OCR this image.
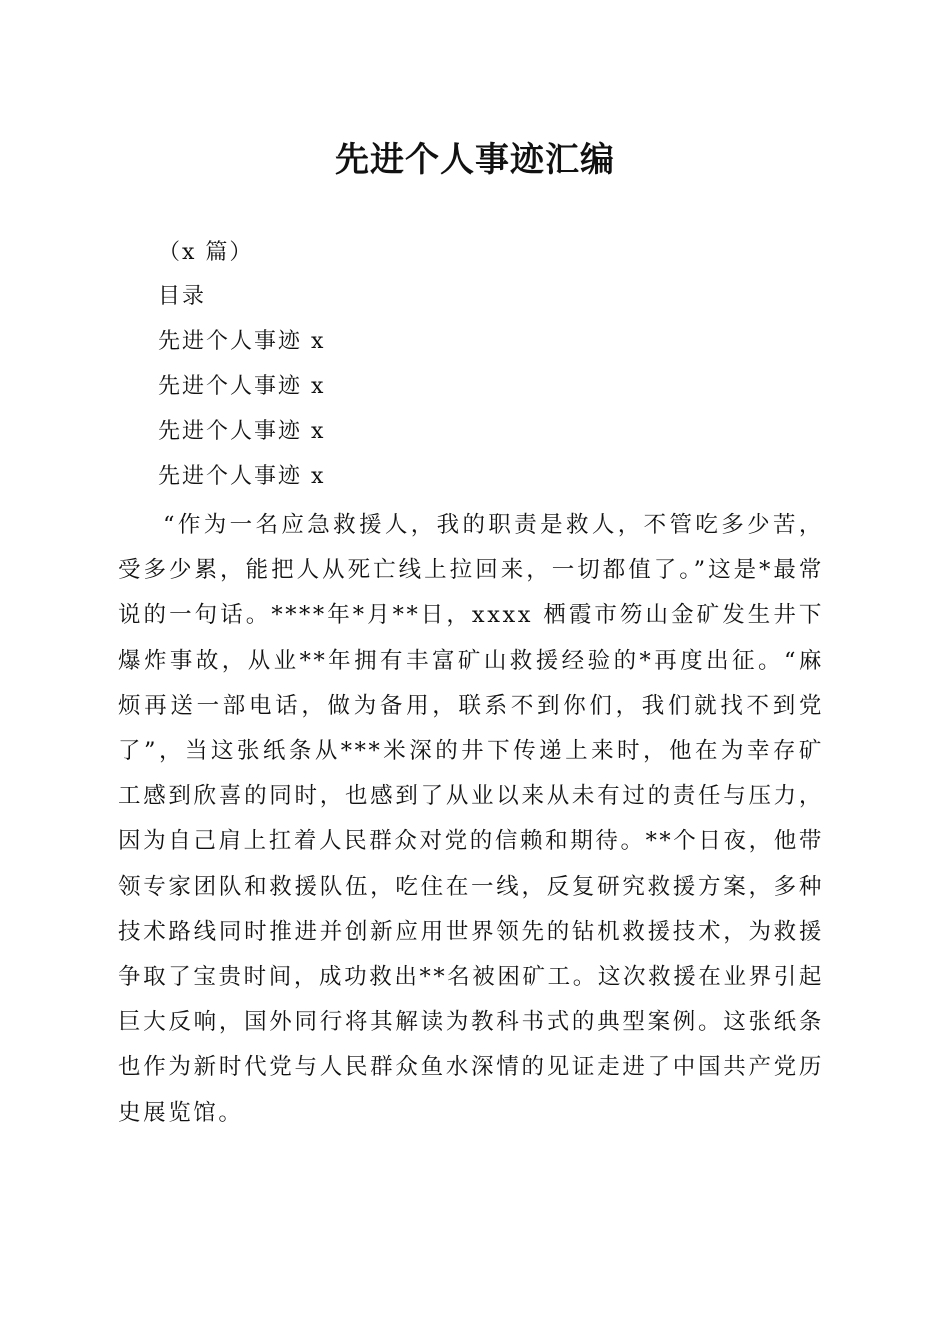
先进个人事迹汇编
（x 篇）
目录
先进个人事迹 x
先进个人事迹 x
先进个人事迹 x
先进个人事迹 x

“作为一名应急救援人，我的职责是救人，不管吃多少苦，受多少累，能把人从死亡线上拉回来，一切都值了。”这是*最常说的一句话。****年*月**日，xxxx 栖霞市笏山金矿发生井下爆炸事故，从业**年拥有丰富矿山救援经验的*再度出征。“麻烦再送一部电话，做为备用，联系不到你们，我们就找不到党了”，当这张纸条从***米深的井下传递上来时，他在为幸存矿工感到欣喜的同时，也感到了从业以来从未有过的责任与压力，因为自己肩上扛着人民群众对党的信赖和期待。**个日夜，他带领专家团队和救援队伍，吃住在一线，反复研究救援方案，多种技术路线同时推进并创新应用世界领先的钻机救援技术，为救援争取了宝贵时间，成功救出**名被困矿工。这次救援在业界引起巨大反响，国外同行将其解读为教科书式的典型案例。这张纸条也作为新时代党与人民群众鱼水深情的见证走进了中国共产党历史展览馆。
